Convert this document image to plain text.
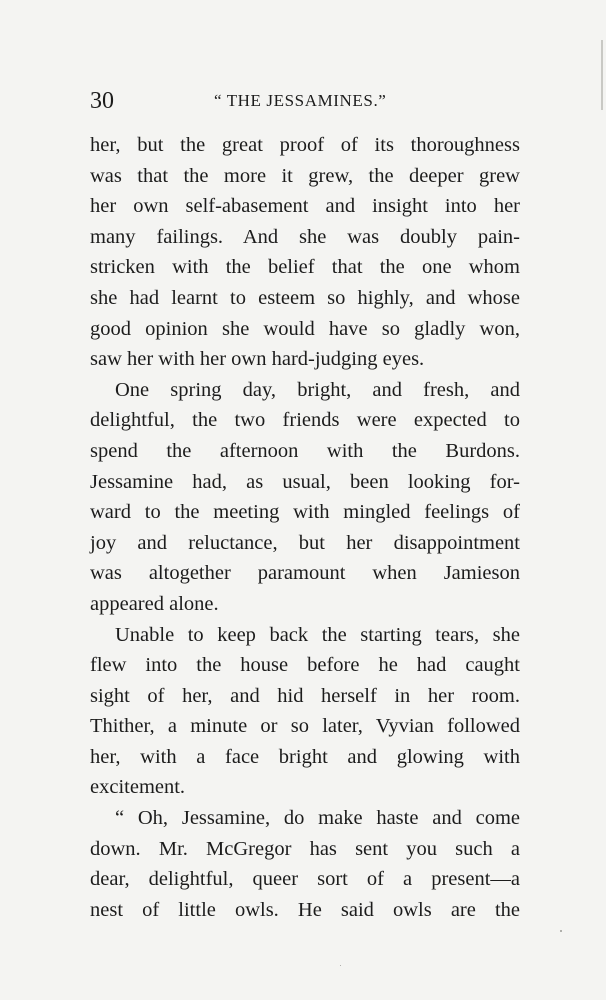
30	“ THE JESSAMINES.”
her, but the great proof of its thoroughness
was that the more it grew, the deeper grew
her own self-abasement and insight into her
many failings. And she was doubly pain-
stricken with the belief that the one whom
she had learnt to esteem so highly, and whose
good opinion she would have so gladly won,
saw her with her own hard-judging eyes.
One spring day, bright, and fresh, and
delightful, the two friends were expected to
spend the afternoon with the Burdons.
Jessamine had, as usual, been looking for-
ward to the meeting with mingled feelings of
joy and reluctance, but her disappointment
was altogether paramount when Jamieson
appeared alone.
Unable to keep back the starting tears, she
flew into the house before he had caught
sight of her, and hid herself in her room.
Thither, a minute or so later, Vyvian followed
her, with a face bright and glowing with
excitement.
“ Oh, Jessamine, do make haste and come
down. Mr. McGregor has sent you such a
dear, delightful, queer sort of a present—a
nest of little owls. He said owls are the
